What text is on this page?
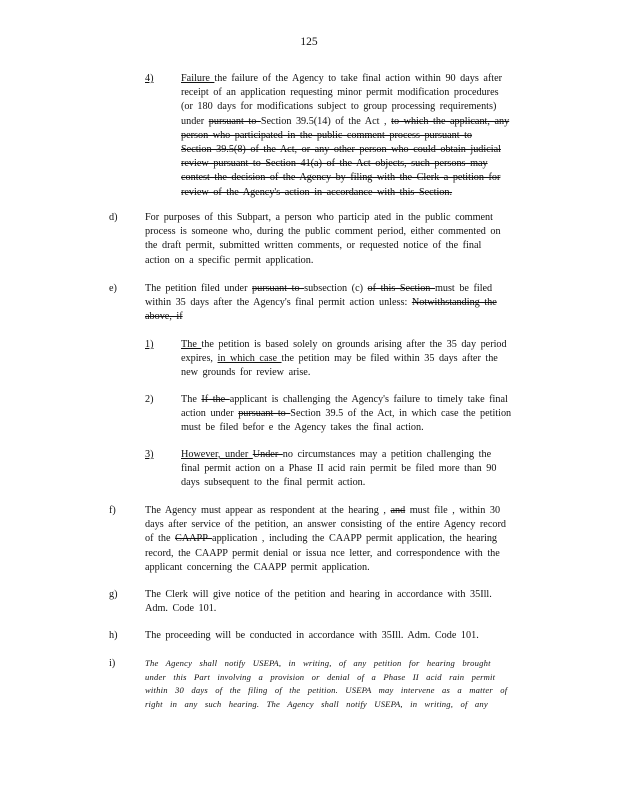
125
4)	Failure the failure of the Agency to take final action within 90 days after

receipt of an application requesting minor permit modification procedures

(or 180 days for modifications subject to group processing requirements)

under pursuant to Section 39.5(14) of the Act , to which the applicant, any

person who participated in the public comment process pursuant to

Section 39.5(8) of the Act, or any other person who could obtain judicial

review pursuant to Section 41(a) of the Act objects, such persons may

contest the decision of the Agency by filing with the Clerk a petition for

review of the Agency's action in accordance with this Section.

d)	For purposes of this Subpart, a person who particip ated in the public comment

process is someone who, during the public comment period, either commented on

the draft permit, submitted written comments, or requested notice of the final

action on a specific permit application.

e)	The petition filed under pursuant to subsection (c) of this Section must be filed

within 35 days after the Agency's final permit action unless: Notwithstanding the

above, if

1)	The the petition is based solely on grounds arising after the 35 day period

expires, in which case the petition may be filed within 35 days after the

new grounds for review arise.

2)	The If the applicant is challenging the Agency's failure to timely take final

action under pursuant to Section 39.5 of the Act, in which case the petition

must be filed befor e the Agency takes the final action.

3)	However, under Under no circumstances may a petition challenging the

final permit action on a Phase II acid rain permit be filed more than 90

days subsequent to the final permit action.

f)	The Agency must appear as respondent at the hearing , and must file , within 30

days after service of the petition, an answer consisting of the entire Agency record

of the CAAPP application , including the CAAPP permit application, the hearing

record, the CAAPP permit denial or issua nce letter, and correspondence with the

applicant concerning the CAAPP permit application.

g)	The Clerk will give notice of the petition and hearing in accordance with 35Ill.

Adm. Code 101.

h)	The proceeding will be conducted in accordance with 35Ill. Adm. Code 101.

i)	The Agency shall notify USEPA, in writing, of any petition for hearing brought

under this Part involving a provision or denial of a Phase II acid rain permit

within 30 days of the filing of the petition. USEPA may intervene as a matter of

right in any such hearing. The Agency shall notify USEPA, in writing, of any
